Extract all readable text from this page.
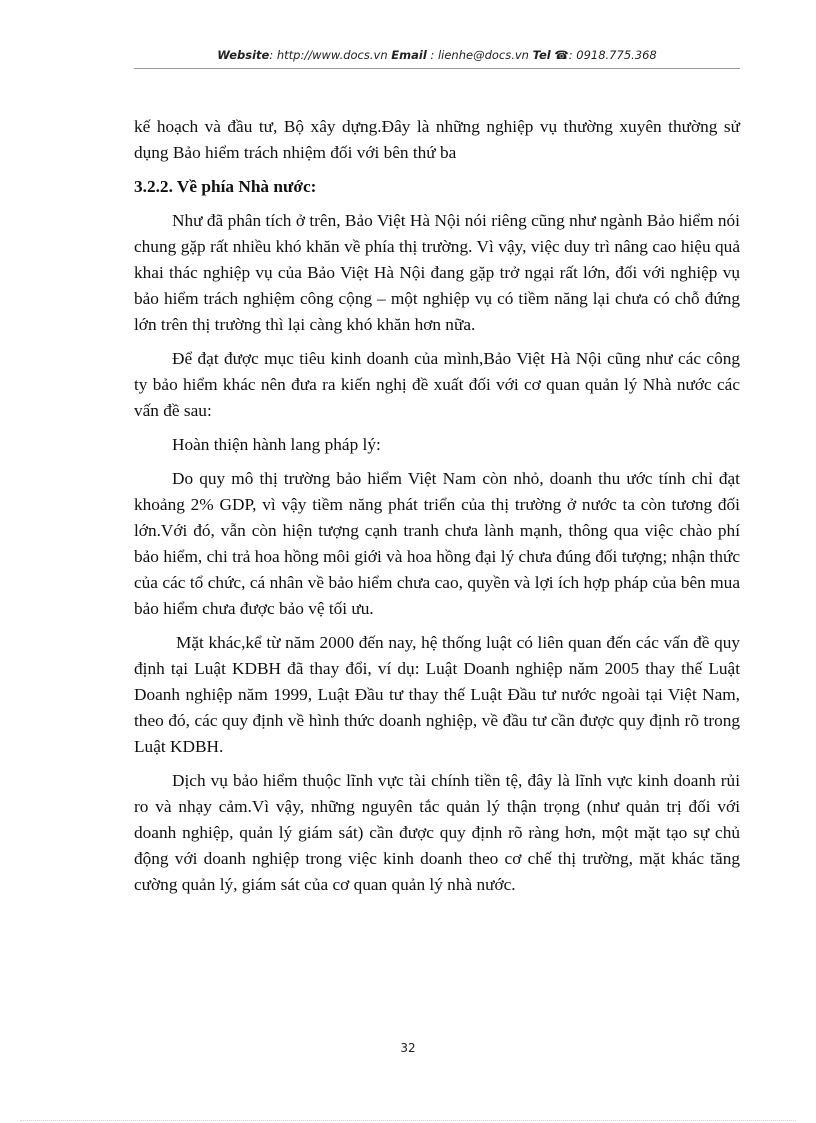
Website: http://www.docs.vn Email : lienhe@docs.vn Tel ☎: 0918.775.368

kế hoạch và đầu tư, Bộ xây dựng.Đây là những nghiệp vụ thường xuyên thường sử dụng Bảo hiểm trách nhiệm đối với bên thứ ba

3.2.2. Về phía Nhà nước:

Như đã phân tích ở trên, Bảo Việt Hà Nội nói riêng cũng như ngành Bảo hiểm nói chung gặp rất nhiều khó khăn về phía thị trường. Vì vậy, việc duy trì nâng cao hiệu quả khai thác nghiệp vụ của Bảo Việt Hà Nội đang gặp trở ngại rất lớn, đối với nghiệp vụ bảo hiểm trách nghiệm công cộng – một nghiệp vụ có tiềm năng lại chưa có chỗ đứng lớn trên thị trường thì lại càng khó khăn hơn nữa.

Để đạt được mục tiêu kinh doanh của mình,Bảo Việt Hà Nội cũng như các công ty bảo hiểm khác nên đưa ra kiến nghị đề xuất đối với cơ quan quản lý Nhà nước các vấn đề sau:

Hoàn thiện hành lang pháp lý:

Do quy mô thị trường bảo hiểm Việt Nam còn nhỏ, doanh thu ước tính chỉ đạt khoảng 2% GDP, vì vậy tiềm năng phát triển của thị trường ở nước ta còn tương đối lớn.Với đó, vẫn còn hiện tượng cạnh tranh chưa lành mạnh, thông qua việc chào phí bảo hiểm, chi trả hoa hồng môi giới và hoa hồng đại lý chưa đúng đối tượng; nhận thức của các tổ chức, cá nhân về bảo hiểm chưa cao, quyền và lợi ích hợp pháp của bên mua bảo hiểm chưa được bảo vệ tối ưu.

Mặt khác,kể từ năm 2000 đến nay, hệ thống luật có liên quan đến các vấn đề quy định tại Luật KDBH đã thay đổi, ví dụ: Luật Doanh nghiệp năm 2005 thay thế Luật Doanh nghiệp năm 1999, Luật Đầu tư thay thế Luật Đầu tư nước ngoài tại Việt Nam, theo đó, các quy định về hình thức doanh nghiệp, về đầu tư cần được quy định rõ trong Luật KDBH.

Dịch vụ bảo hiểm thuộc lĩnh vực tài chính tiền tệ, đây là lĩnh vực kinh doanh rủi ro và nhạy cảm.Vì vậy, những nguyên tắc quản lý thận trọng (như quản trị đối với doanh nghiệp, quản lý giám sát) cần được quy định rõ ràng hơn, một mặt tạo sự chủ động với doanh nghiệp trong việc kinh doanh theo cơ chế thị trường, mặt khác tăng cường quản lý, giám sát của cơ quan quản lý nhà nước.

32
